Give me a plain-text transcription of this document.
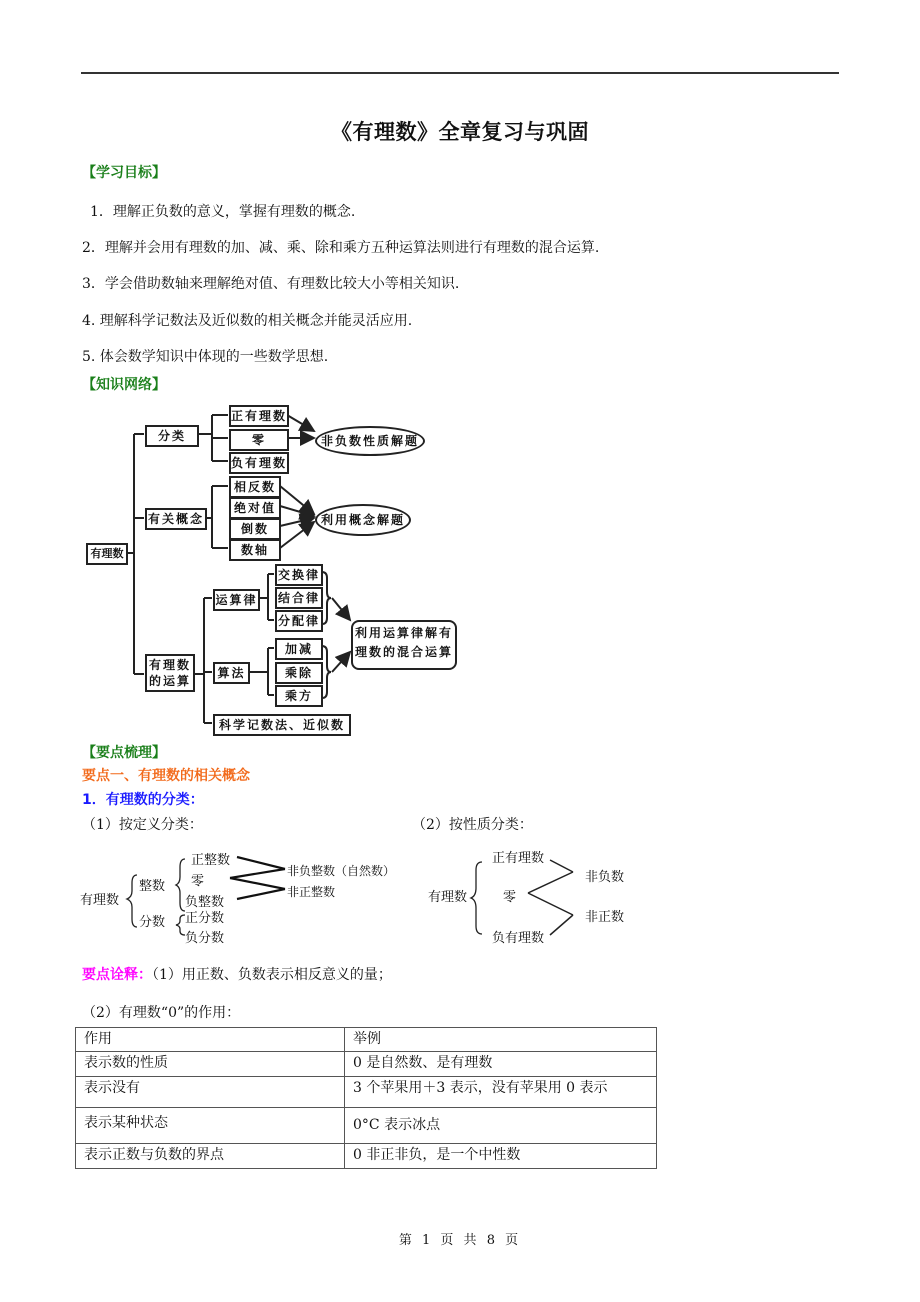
《有理数》全章复习与巩固
【学习目标】
1．理解正负数的意义，掌握有理数的概念.
2．理解并会用有理数的加、减、乘、除和乘方五种运算法则进行有理数的混合运算.
3．学会借助数轴来理解绝对值、有理数比较大小等相关知识.
4. 理解科学记数法及近似数的相关概念并能灵活应用.
5. 体会数学知识中体现的一些数学思想.
【知识网络】
有理数
分类
正有理数
零
负有理数
非负数性质解题
有关概念
相反数
绝对值
倒数
数轴
利用概念解题
有理数
的运算
运算律
交换律
结合律
分配律
算法
加减
乘除
乘方
利用运算律解有
理数的混合运算
科学记数法、近似数
【要点梳理】
要点一、有理数的相关概念
1．有理数的分类：
（1）按定义分类：	（2）按性质分类：
有理数
整数
分数
正整数
零
负整数
正分数
负分数
非负整数（自然数）
非正整数	有理数
正有理数
零
负有理数
非负数
非正数
要点诠释：（1）用正数、负数表示相反意义的量；
（2）有理数“0”的作用：
作用	举例
表示数的性质	0 是自然数、是有理数
表示没有	3 个苹果用＋3 表示，没有苹果用 0 表示
表示某种状态	0°C 表示冰点
表示正数与负数的界点	0 非正非负，是一个中性数
第 1 页 共 8 页
